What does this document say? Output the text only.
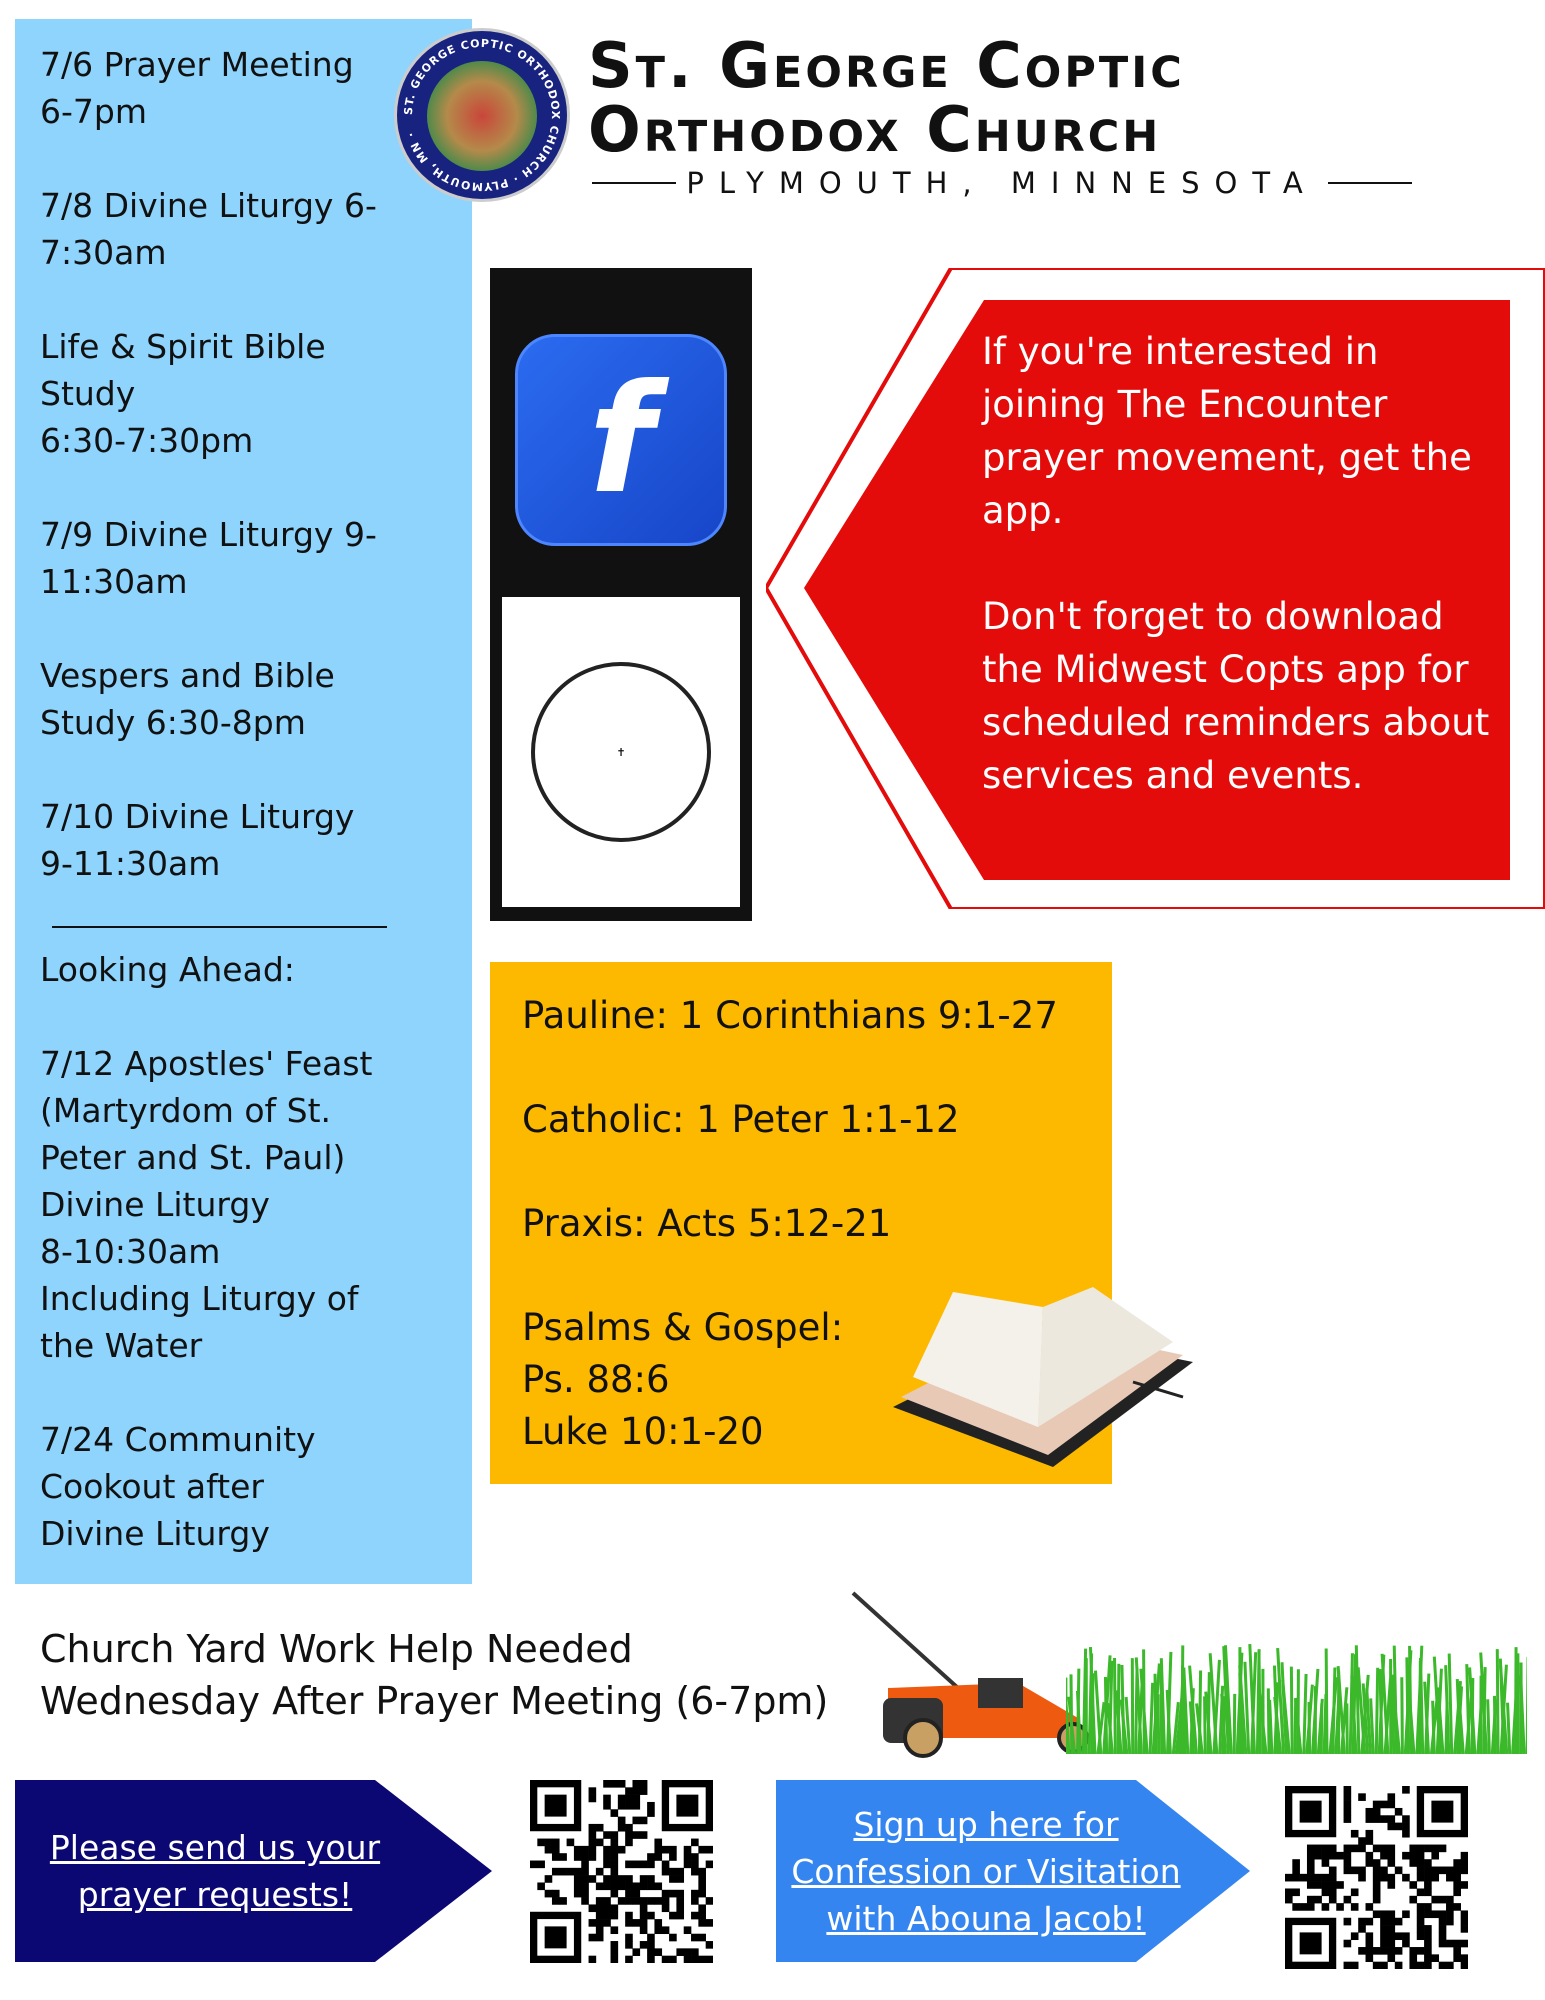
7/6 Prayer Meeting
6-7pm
7/8 Divine Liturgy 6-
7:30am
Life & Spirit Bible
Study
6:30-7:30pm
7/9 Divine Liturgy 9-
11:30am
Vespers and Bible
Study 6:30-8pm
7/10 Divine Liturgy
9-11:30am
Looking Ahead:
7/12 Apostles' Feast
(Martyrdom of St.
Peter and St. Paul)
Divine Liturgy
8-10:30am
Including Liturgy of
the Water
7/24 Community
Cookout after
Divine Liturgy
ST. GEORGE COPTIC ORTHODOX CHURCH · PLYMOUTH, MN ·
St. George Coptic
Orthodox Church
PLYMOUTH, MINNESOTA
f
✝

If you're interested in joining The Encounter prayer movement, get the app.

Don't forget to download the Midwest Copts app for scheduled reminders about services and events.

Pauline: 1 Corinthians 9:1-27
Catholic: 1 Peter 1:1-12
Praxis: Acts 5:12-21
Psalms & Gospel:
Ps. 88:6
Luke 10:1-20
Church Yard Work Help Needed
Wednesday After Prayer Meeting (6-7pm)
Please send us your prayer requests!
Sign up here for Confession or Visitation with Abouna Jacob!
